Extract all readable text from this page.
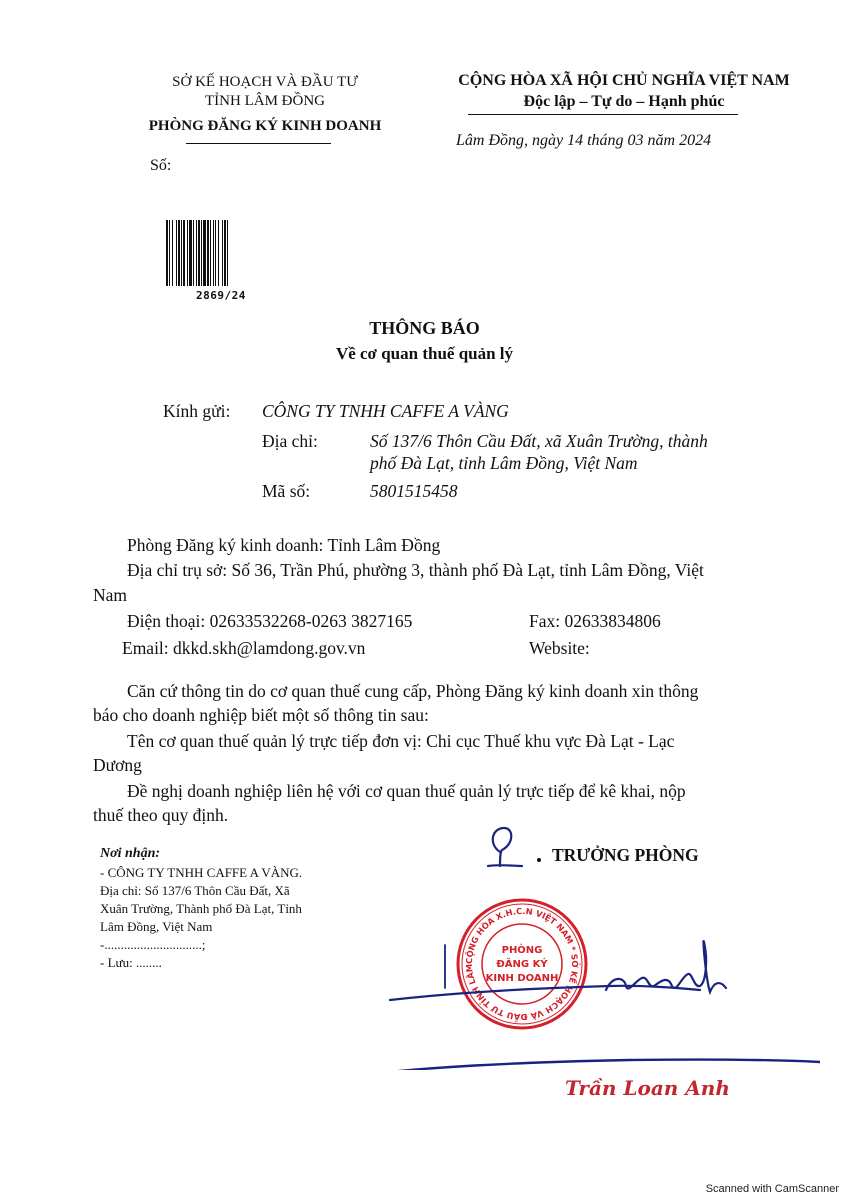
SỞ KẾ HOẠCH VÀ ĐẦU TƯ
TỈNH LÂM ĐỒNG
PHÒNG ĐĂNG KÝ KINH DOANH
Số:
CỘNG HÒA XÃ HỘI CHỦ NGHĨA VIỆT NAM
Độc lập – Tự do – Hạnh phúc
Lâm Đồng, ngày 14 tháng 03 năm 2024
2869/24
THÔNG BÁO
Về cơ quan thuế quản lý
Kính gửi: CÔNG TY TNHH CAFFE A VÀNG
Địa chỉ:	Số 137/6 Thôn Cầu Đất, xã Xuân Trường, thành
phố Đà Lạt, tỉnh Lâm Đồng, Việt Nam
Mã số:	5801515458
Phòng Đăng ký kinh doanh: Tỉnh Lâm Đồng
Địa chỉ trụ sở: Số 36, Trần Phú, phường 3, thành phố Đà Lạt, tỉnh Lâm Đồng, Việt
Nam
Điện thoại: 02633532268-0263 3827165	Fax: 02633834806
Email: dkkd.skh@lamdong.gov.vn	Website:
Căn cứ thông tin do cơ quan thuế cung cấp, Phòng Đăng ký kinh doanh xin thông
báo cho doanh nghiệp biết một số thông tin sau:
Tên cơ quan thuế quản lý trực tiếp đơn vị: Chi cục Thuế khu vực Đà Lạt - Lạc
Dương
Đề nghị doanh nghiệp liên hệ với cơ quan thuế quản lý trực tiếp để kê khai, nộp
thuế theo quy định.
Nơi nhận:
- CÔNG TY TNHH CAFFE A VÀNG.
Địa chỉ: Số 137/6 Thôn Cầu Đất, Xã
Xuân Trường, Thành phố Đà Lạt, Tỉnh
Lâm Đồng, Việt Nam
-..............................;
- Lưu: ........
TRƯỞNG PHÒNG
CỘNG HÒA X.H.C.N VIỆT NAM * SỞ KẾ HOẠCH VÀ ĐẦU TƯ TỈNH LÂM
PHÒNG
ĐĂNG KÝ
KINH DOANH
Trần Loan Anh
Scanned with CamScanner
